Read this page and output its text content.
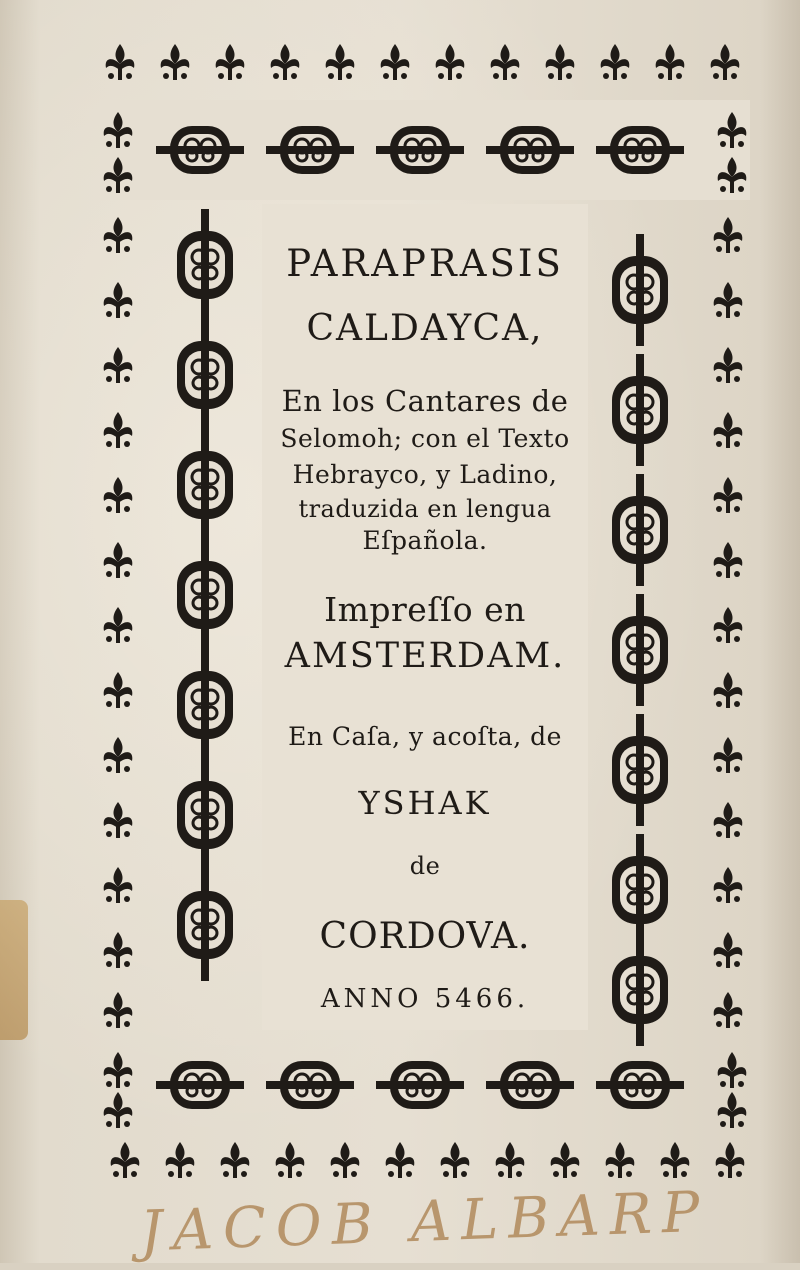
PARAPRASIS
CALDAYCA,
En los Cantares de
Selomoh; con el Texto
Hebrayco, y Ladino,
traduzida en lengua
Eſpañola.
Impreſſo en
AMSTERDAM.
En Caſa, y acoſta, de
YSHAK
de
CORDOVA.
ANNO 5466.
JACOB ALBARP
